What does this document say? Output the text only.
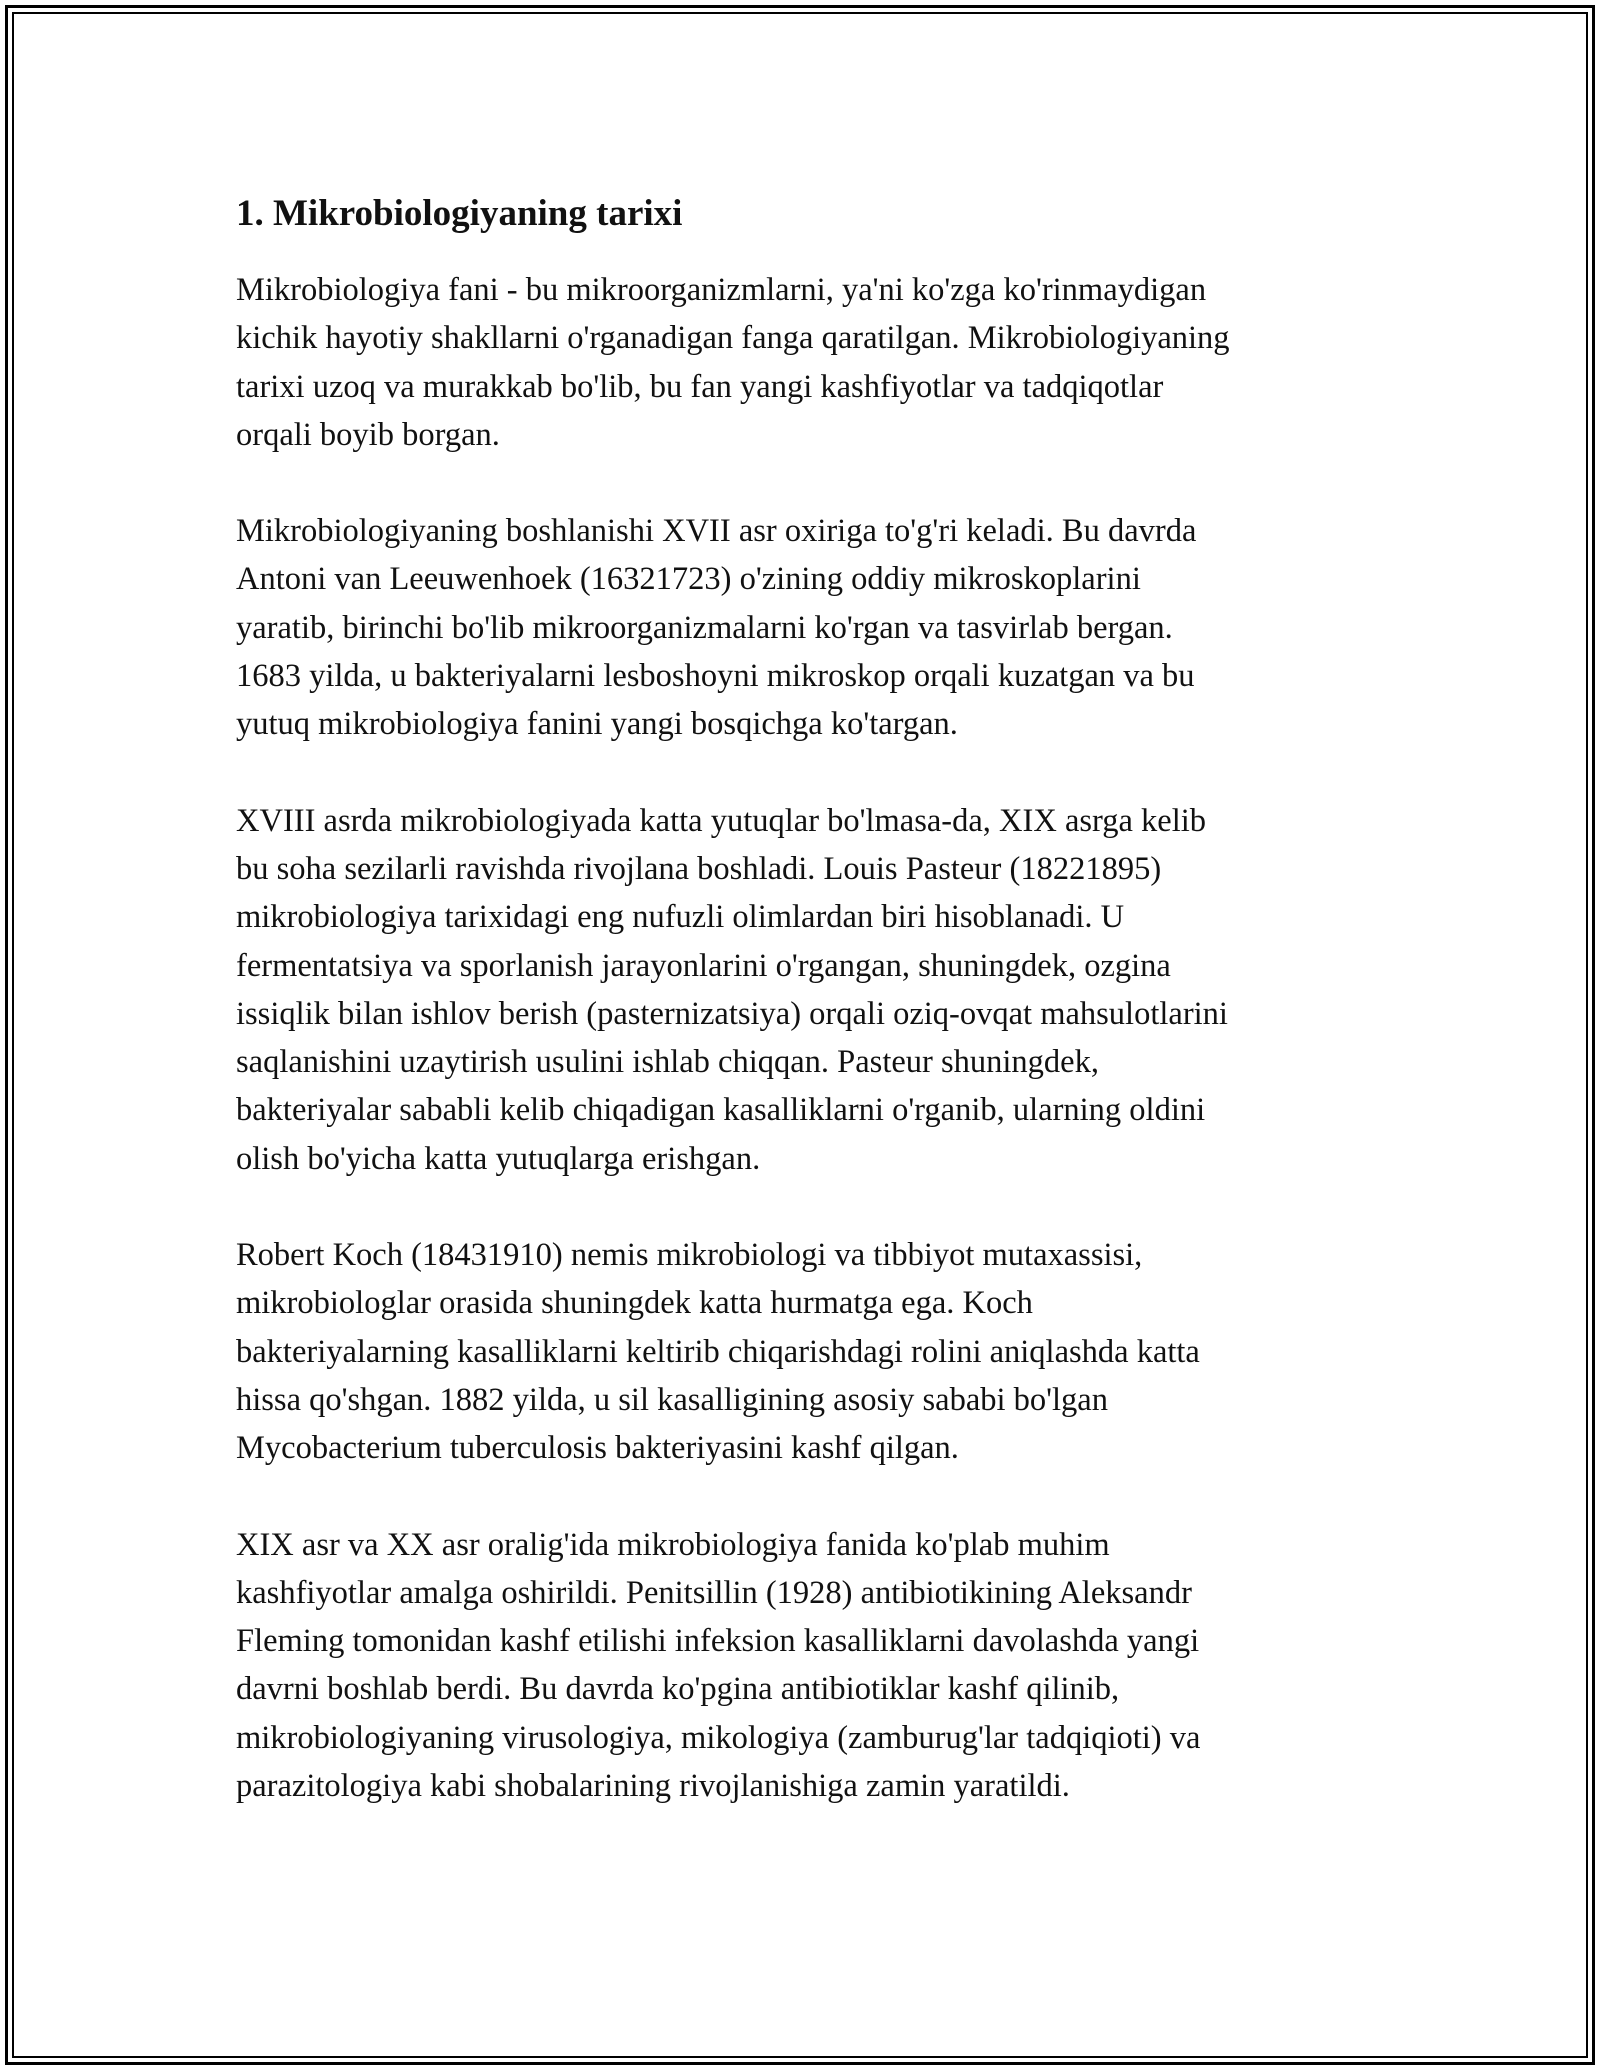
1. Mikrobiologiyaning tarixi

Mikrobiologiya fani - bu mikroorganizmlarni, ya'ni ko'zga ko'rinmaydigan
kichik hayotiy shakllarni o'rganadigan fanga qaratilgan. Mikrobiologiyaning
tarixi uzoq va murakkab bo'lib, bu fan yangi kashfiyotlar va tadqiqotlar
orqali boyib borgan.

Mikrobiologiyaning boshlanishi XVII asr oxiriga to'g'ri keladi. Bu davrda
Antoni van Leeuwenhoek (16321723) o'zining oddiy mikroskoplarini
yaratib, birinchi bo'lib mikroorganizmalarni ko'rgan va tasvirlab bergan.
1683 yilda, u bakteriyalarni lesboshoyni mikroskop orqali kuzatgan va bu
yutuq mikrobiologiya fanini yangi bosqichga ko'targan.

XVIII asrda mikrobiologiyada katta yutuqlar bo'lmasa-da, XIX asrga kelib
bu soha sezilarli ravishda rivojlana boshladi. Louis Pasteur (18221895)
mikrobiologiya tarixidagi eng nufuzli olimlardan biri hisoblanadi. U
fermentatsiya va sporlanish jarayonlarini o'rgangan, shuningdek, ozgina
issiqlik bilan ishlov berish (pasternizatsiya) orqali oziq-ovqat mahsulotlarini
saqlanishini uzaytirish usulini ishlab chiqqan. Pasteur shuningdek,
bakteriyalar sababli kelib chiqadigan kasalliklarni o'rganib, ularning oldini
olish bo'yicha katta yutuqlarga erishgan.

Robert Koch (18431910) nemis mikrobiologi va tibbiyot mutaxassisi,
mikrobiologlar orasida shuningdek katta hurmatga ega. Koch
bakteriyalarning kasalliklarni keltirib chiqarishdagi rolini aniqlashda katta
hissa qo'shgan. 1882 yilda, u sil kasalligining asosiy sababi bo'lgan
Mycobacterium tuberculosis bakteriyasini kashf qilgan.

XIX asr va XX asr oralig'ida mikrobiologiya fanida ko'plab muhim
kashfiyotlar amalga oshirildi. Penitsillin (1928) antibiotikining Aleksandr
Fleming tomonidan kashf etilishi infeksion kasalliklarni davolashda yangi
davrni boshlab berdi. Bu davrda ko'pgina antibiotiklar kashf qilinib,
mikrobiologiyaning virusologiya, mikologiya (zamburug'lar tadqiqioti) va
parazitologiya kabi shobalarining rivojlanishiga zamin yaratildi.
